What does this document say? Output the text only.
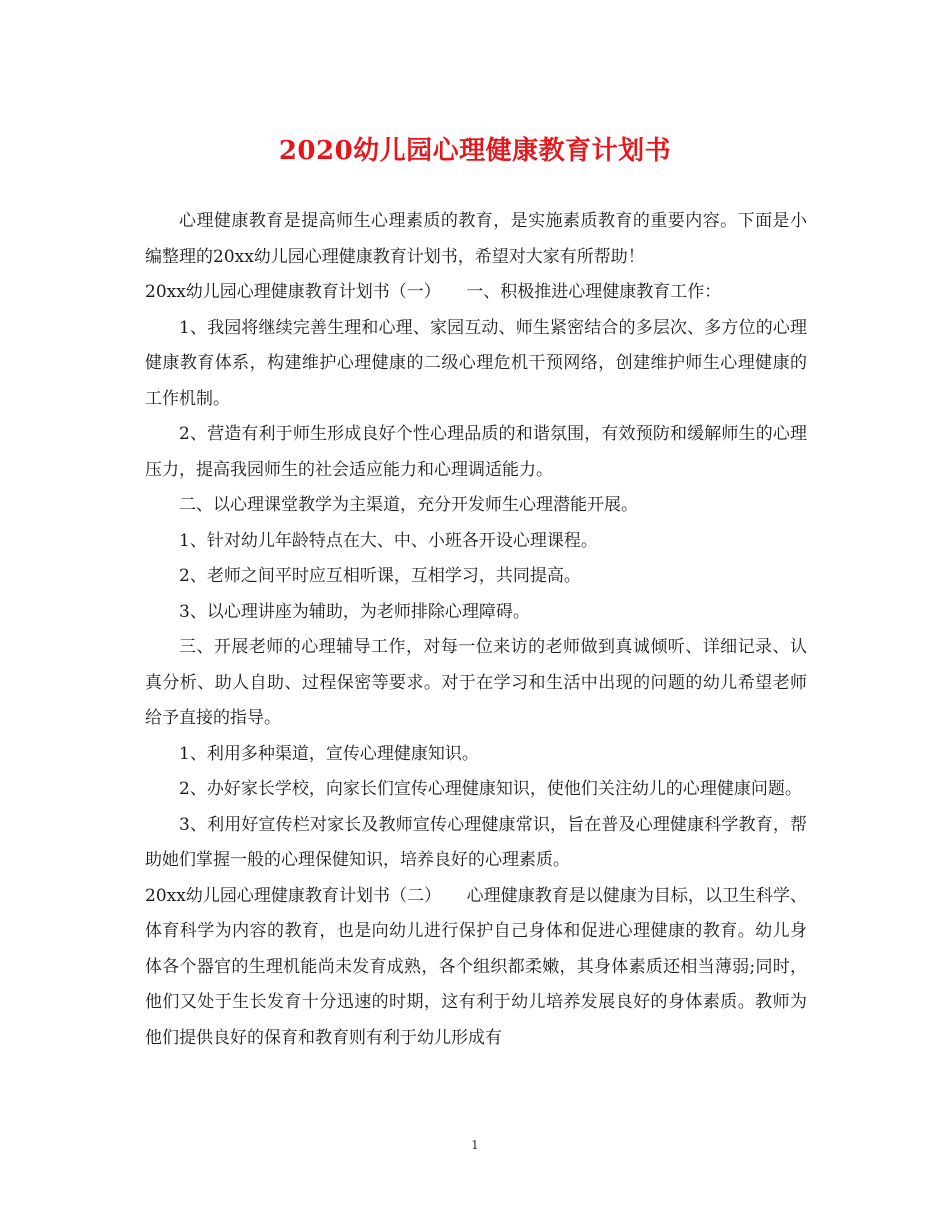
2020幼儿园心理健康教育计划书

心理健康教育是提高师生心理素质的教育，是实施素质教育的重要内容。下面是小编整理的20xx幼儿园心理健康教育计划书，希望对大家有所帮助！

20xx幼儿园心理健康教育计划书（一）　　一、积极推进心理健康教育工作：

1、我园将继续完善生理和心理、家园互动、师生紧密结合的多层次、多方位的心理健康教育体系，构建维护心理健康的二级心理危机干预网络，创建维护师生心理健康的工作机制。

2、营造有利于师生形成良好个性心理品质的和谐氛围，有效预防和缓解师生的心理压力，提高我园师生的社会适应能力和心理调适能力。

二、以心理课堂教学为主渠道，充分开发师生心理潜能开展。

1、针对幼儿年龄特点在大、中、小班各开设心理课程。

2、老师之间平时应互相听课，互相学习，共同提高。

3、以心理讲座为辅助，为老师排除心理障碍。

三、开展老师的心理辅导工作，对每一位来访的老师做到真诚倾听、详细记录、认真分析、助人自助、过程保密等要求。对于在学习和生活中出现的问题的幼儿希望老师给予直接的指导。

1、利用多种渠道，宣传心理健康知识。

2、办好家长学校，向家长们宣传心理健康知识，使他们关注幼儿的心理健康问题。

3、利用好宣传栏对家长及教师宣传心理健康常识，旨在普及心理健康科学教育，帮助她们掌握一般的心理保健知识，培养良好的心理素质。

20xx幼儿园心理健康教育计划书（二）　　心理健康教育是以健康为目标，以卫生科学、体育科学为内容的教育，也是向幼儿进行保护自己身体和促进心理健康的教育。幼儿身体各个器官的生理机能尚未发育成熟，各个组织都柔嫩，其身体素质还相当薄弱;同时，他们又处于生长发育十分迅速的时期，这有利于幼儿培养发展良好的身体素质。教师为他们提供良好的保育和教育则有利于幼儿形成有

1
